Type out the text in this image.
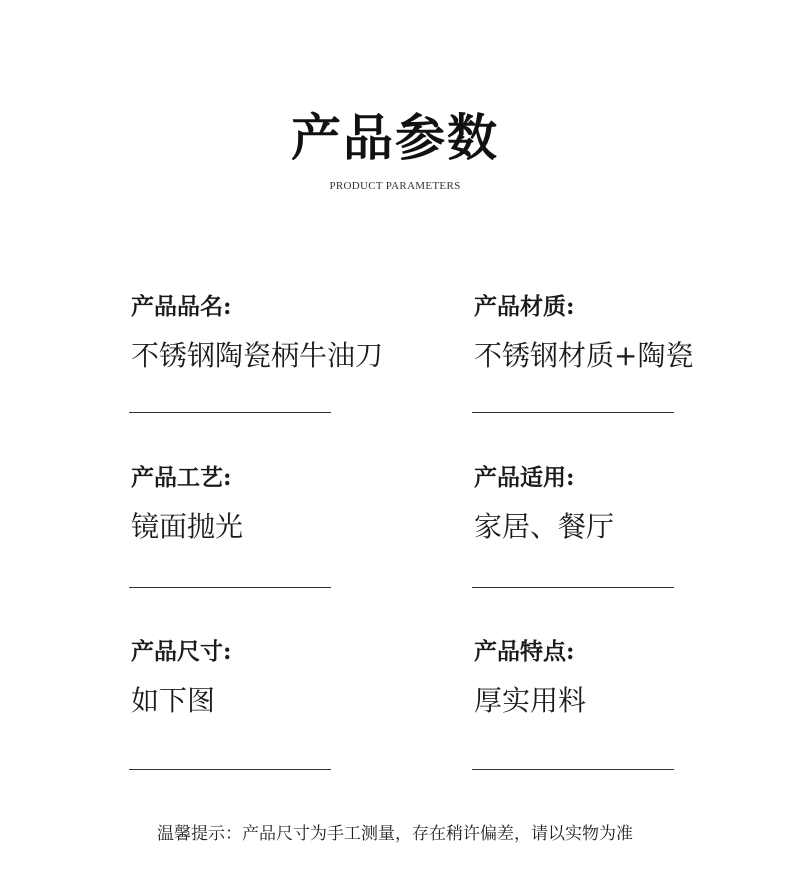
产品参数
PRODUCT PARAMETERS
产品品名:
不锈钢陶瓷柄牛油刀
产品材质:
不锈钢材质+陶瓷
产品工艺:
镜面抛光
产品适用:
家居、餐厅
产品尺寸:
如下图
产品特点:
厚实用料
温馨提示：产品尺寸为手工测量，存在稍许偏差，请以实物为准
